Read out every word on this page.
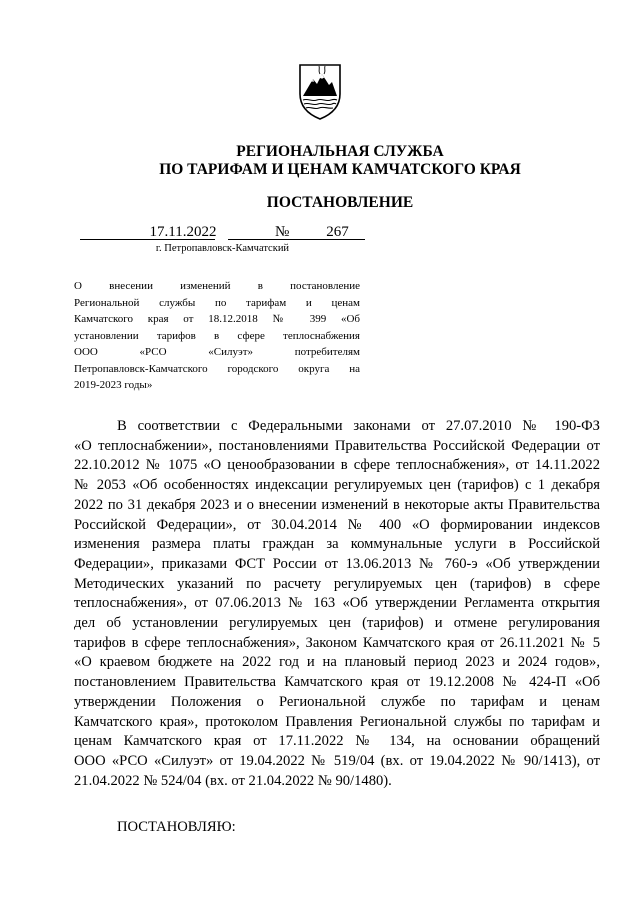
РЕГИОНАЛЬНАЯ СЛУЖБА
ПО ТАРИФАМ И ЦЕНАМ КАМЧАТСКОГО КРАЯ
ПОСТАНОВЛЕНИЕ
17.11.2022	№	267
г. Петропавловск-Камчатский
О внесении изменений в постановление
Региональной службы по тарифам и ценам
Камчатского края от 18.12.2018 № 399 «Об
установлении тарифов в сфере теплоснабжения
ООО «РСО «Силуэт» потребителям
Петропавловск-Камчатского городского округа на
2019-2023 годы»
В соответствии с Федеральными законами от 27.07.2010 № 190-ФЗ
«О теплоснабжении», постановлениями Правительства Российской Федерации от
22.10.2012 № 1075 «О ценообразовании в сфере теплоснабжения», от 14.11.2022
№ 2053 «Об особенностях индексации регулируемых цен (тарифов) с 1 декабря
2022 по 31 декабря 2023 и о внесении изменений в некоторые акты Правительства
Российской Федерации», от 30.04.2014 № 400 «О формировании индексов
изменения размера платы граждан за коммунальные услуги в Российской
Федерации», приказами ФСТ России от 13.06.2013 № 760-э «Об утверждении
Методических указаний по расчету регулируемых цен (тарифов) в сфере
теплоснабжения», от 07.06.2013 № 163 «Об утверждении Регламента открытия
дел об установлении регулируемых цен (тарифов) и отмене регулирования
тарифов в сфере теплоснабжения», Законом Камчатского края от 26.11.2021 № 5
«О краевом бюджете на 2022 год и на плановый период 2023 и 2024 годов»,
постановлением Правительства Камчатского края от 19.12.2008 № 424-П «Об
утверждении Положения о Региональной службе по тарифам и ценам
Камчатского края», протоколом Правления Региональной службы по тарифам и
ценам Камчатского края от 17.11.2022 № 134, на основании обращений
ООО «РСО «Силуэт» от 19.04.2022 № 519/04 (вх. от 19.04.2022 № 90/1413), от
21.04.2022 № 524/04 (вх. от 21.04.2022 № 90/1480).
ПОСТАНОВЛЯЮ:
